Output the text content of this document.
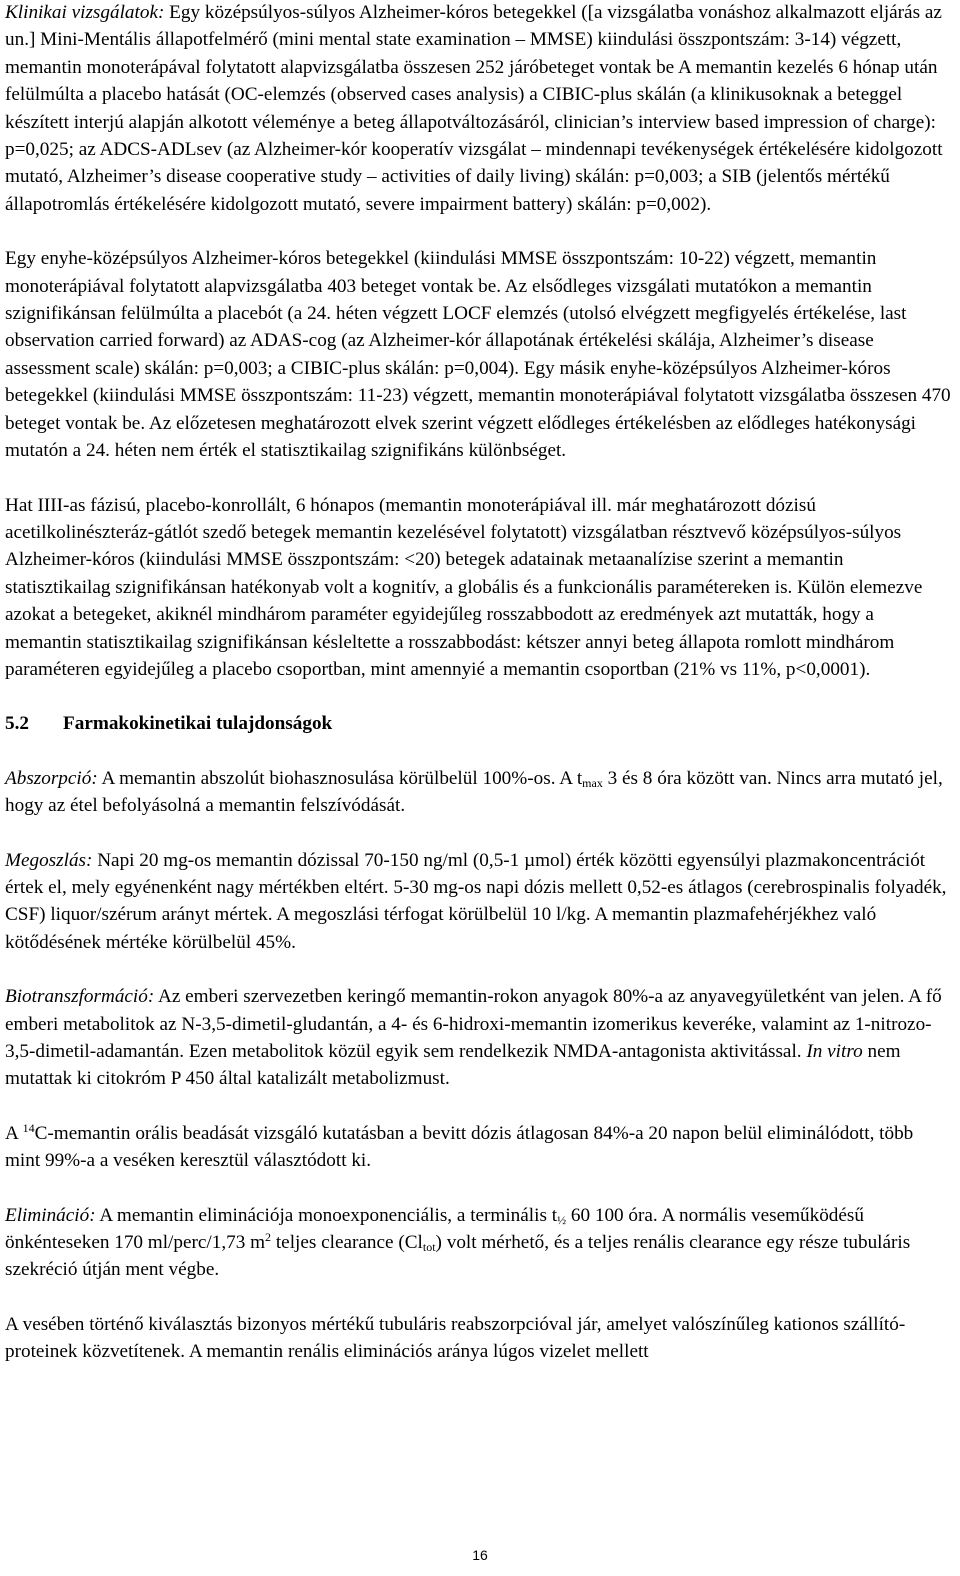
Klinikai vizsgálatok: Egy középsúlyos-súlyos Alzheimer-kóros betegekkel ([a vizsgálatba vonáshoz alkalmazott eljárás az un.] Mini-Mentális állapotfelmérő (mini mental state examination – MMSE) kiindulási összpontszám: 3-14) végzett, memantin monoterápával folytatott alapvizsgálatba összesen 252 járóbeteget vontak be A memantin kezelés 6 hónap után felülmúlta a placebo hatását (OC-elemzés (observed cases analysis) a CIBIC-plus skálán (a klinikusoknak a beteggel készített interjú alapján alkotott véleménye a beteg állapotváltozásáról, clinician’s interview based impression of charge): p=0,025; az ADCS-ADLsev (az Alzheimer-kór kooperatív vizsgálat – mindennapi tevékenységek értékelésére kidolgozott mutató, Alzheimer’s disease cooperative study – activities of daily living) skálán: p=0,003; a SIB (jelentős mértékű állapotromlás értékelésére kidolgozott mutató, severe impairment battery) skálán: p=0,002).

Egy enyhe-középsúlyos Alzheimer-kóros betegekkel (kiindulási MMSE összpontszám: 10-22) végzett, memantin monoterápiával folytatott alapvizsgálatba 403 beteget vontak be. Az elsődleges vizsgálati mutatókon a memantin szignifikánsan felülmúlta a placebót (a 24. héten végzett LOCF elemzés (utolsó elvégzett megfigyelés értékelése, last observation carried forward) az ADAS-cog (az Alzheimer-kór állapotának értékelési skálája, Alzheimer’s disease assessment scale) skálán: p=0,003; a CIBIC-plus skálán: p=0,004). Egy másik enyhe-középsúlyos Alzheimer-kóros betegekkel (kiindulási MMSE összpontszám: 11-23) végzett, memantin monoterápiával folytatott vizsgálatba összesen 470 beteget vontak be. Az előzetesen meghatározott elvek szerint végzett elődleges értékelésben az elődleges hatékonysági mutatón a 24. héten nem érték el statisztikailag szignifikáns különbséget.

Hat IIII-as fázisú, placebo-konrollált, 6 hónapos (memantin monoterápiával ill. már meghatározott dózisú acetilkolinészteráz-gátlót szedő betegek memantin kezelésével folytatott) vizsgálatban résztvevő középsúlyos-súlyos Alzheimer-kóros (kiindulási MMSE összpontszám: <20) betegek adatainak metaanalízise szerint a memantin statisztikailag szignifikánsan hatékonyab volt a kognitív, a globális és a funkcionális paramétereken is. Külön elemezve azokat a betegeket, akiknél mindhárom paraméter egyidejűleg rosszabbodott az eredmények azt mutatták, hogy a memantin statisztikailag szignifikánsan késleltette a rosszabbodást: kétszer annyi beteg állapota romlott mindhárom paraméteren egyidejűleg a placebo csoportban, mint amennyié a memantin csoportban (21% vs 11%, p<0,0001).

5.2 Farmakokinetikai tulajdonságok

Abszorpció: A memantin abszolút biohasznosulása körülbelül 100%-os. A $t_{max}$ 3 és 8 óra között van. Nincs arra mutató jel, hogy az étel befolyásolná a memantin felszívódását.

Megoszlás: Napi 20 mg-os memantin dózissal 70-150 ng/ml (0,5-1 µmol) érték közötti egyensúlyi plazmakoncentrációt értek el, mely egyénenként nagy mértékben eltért. 5-30 mg-os napi dózis mellett 0,52-es átlagos (cerebrospinalis folyadék, CSF) liquor/szérum arányt mértek. A megoszlási térfogat körülbelül 10 l/kg. A memantin plazmafehérjékhez való kötődésének mértéke körülbelül 45%.

Biotranszformáció: Az emberi szervezetben keringő memantin-rokon anyagok 80%-a az anyavegyületként van jelen. A fő emberi metabolitok az N-3,5-dimetil-gludantán, a 4- és 6-hidroxi-memantin izomerikus keveréke, valamint az 1-nitrozo-3,5-dimetil-adamantán. Ezen metabolitok közül egyik sem rendelkezik NMDA-antagonista aktivitással. In vitro nem mutattak ki citokróm P 450 által katalizált metabolizmust.

A $^{14}$C-memantin orális beadását vizsgáló kutatásban a bevitt dózis átlagosan 84%-a 20 napon belül eliminálódott, több mint 99%-a a veséken keresztül választódott ki.

Elimináció: A memantin eliminációja monoexponenciális, a terminális $t_{\frac{1}{2}}$ 60 100 óra. A normális veseműködésű önkénteseken 170 ml/perc/1,73 $m^2$ teljes clearance $(Cl_{tot})$ volt mérhető, és a teljes renális clearance egy része tubuláris szekréció útján ment végbe.

A vesében történő kiválasztás bizonyos mértékű tubuláris reabszorpcióval jár, amelyet valószínűleg kationos szállító-proteinek közvetítenek. A memantin renális eliminációs aránya lúgos vizelet mellett

16
